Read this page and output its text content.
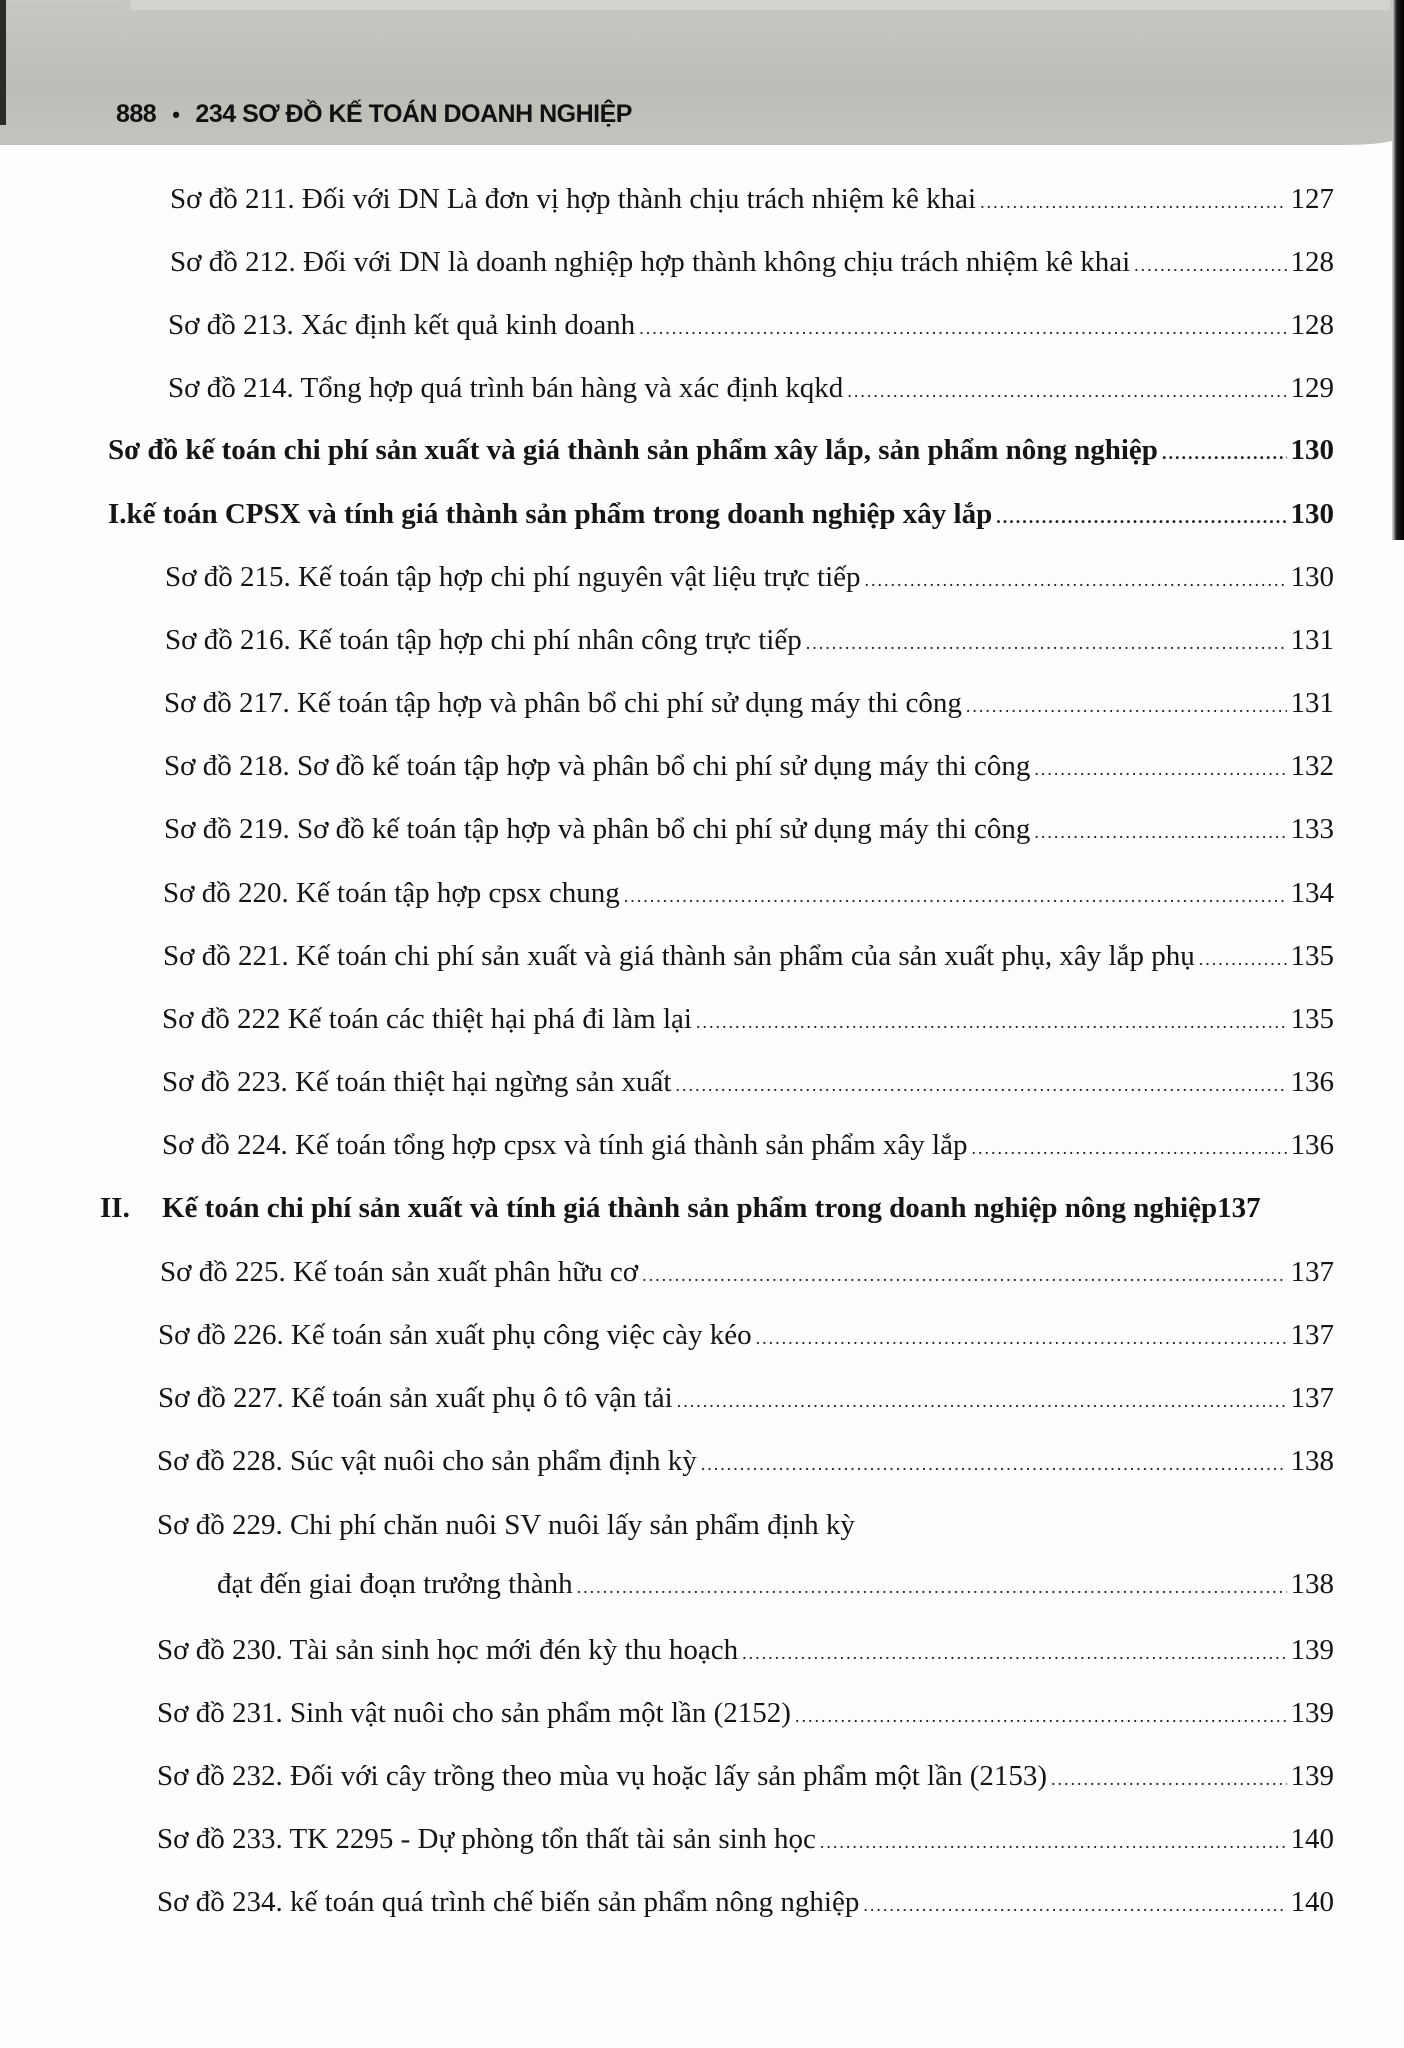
888 • 234 SƠ ĐỒ KẾ TOÁN DOANH NGHIỆP
Sơ đồ 211. Đối với DN Là đơn vị hợp thành chịu trách nhiệm kê khai .....	127
Sơ đồ 212. Đối với DN là doanh nghiệp hợp thành không chịu trách nhiệm kê khai .....	128
Sơ đồ 213. Xác định kết quả kinh doanh .....	128
Sơ đồ 214. Tổng hợp quá trình bán hàng và xác định kqkd .....	129
Sơ đồ kế toán chi phí sản xuất và giá thành sản phẩm xây lắp, sản phẩm nông nghiệp .....	130
I. kế toán CPSX và tính giá thành sản phẩm trong doanh nghiệp xây lắp .....	130
Sơ đồ 215. Kế toán tập hợp chi phí nguyên vật liệu trực tiếp .....	130
Sơ đồ 216. Kế toán tập hợp chi phí nhân công trực tiếp .....	131
Sơ đồ 217. Kế toán tập hợp và phân bổ chi phí sử dụng máy thi công .....	131
Sơ đồ 218. Sơ đồ kế toán tập hợp và phân bổ chi phí sử dụng máy thi công .....	132
Sơ đồ 219. Sơ đồ kế toán tập hợp và phân bổ chi phí sử dụng máy thi công .....	133
Sơ đồ 220. Kế toán tập hợp cpsx chung .....	134
Sơ đồ 221. Kế toán chi phí sản xuất và giá thành sản phẩm của sản xuất phụ, xây lắp phụ .....	135
Sơ đồ 222 Kế toán các thiệt hại phá đi làm lại .....	135
Sơ đồ 223. Kế toán thiệt hại ngừng sản xuất .....	136
Sơ đồ 224. Kế toán tổng hợp cpsx và tính giá thành sản phẩm xây lắp .....	136
II.	Kế toán chi phí sản xuất và tính giá thành sản phẩm trong doanh nghiệp nông nghiệp 137
Sơ đồ 225. Kế toán sản xuất phân hữu cơ .....	137
Sơ đồ 226. Kế toán sản xuất phụ công việc cày kéo .....	137
Sơ đồ 227. Kế toán sản xuất phụ ô tô vận tải .....	137
Sơ đồ 228. Súc vật nuôi cho sản phẩm định kỳ .....	138
Sơ đồ 229. Chi phí chăn nuôi SV nuôi lấy sản phẩm định kỳ
đạt đến giai đoạn trưởng thành .....	138
Sơ đồ 230. Tài sản sinh học mới đén kỳ thu hoạch .....	139
Sơ đồ 231. Sinh vật nuôi cho sản phẩm một lần (2152) .....	139
Sơ đồ 232. Đối với cây trồng theo mùa vụ hoặc lấy sản phẩm một lần (2153) .....	139
Sơ đồ 233. TK 2295 - Dự phòng tổn thất tài sản sinh học .....	140
Sơ đồ 234. kế toán quá trình chế biến sản phẩm nông nghiệp .....	140
